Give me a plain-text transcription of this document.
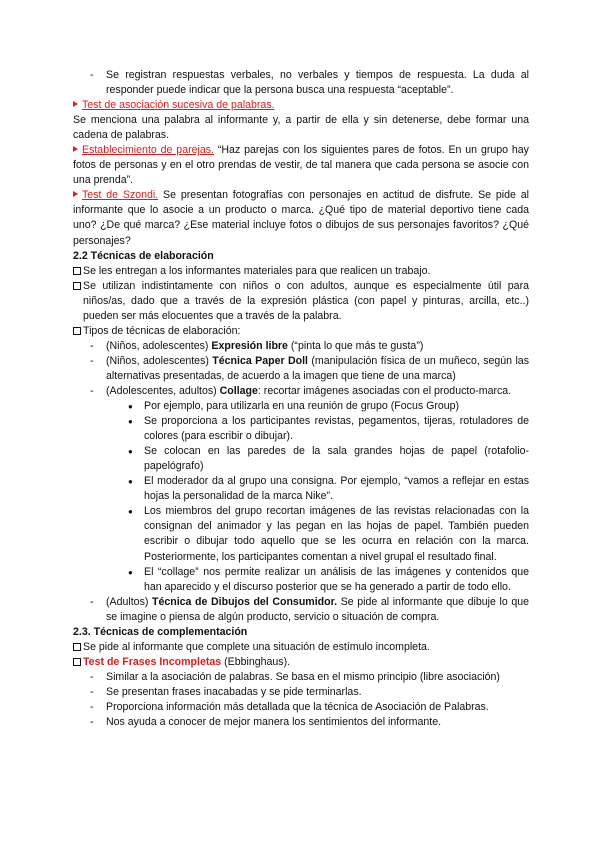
- Se registran respuestas verbales, no verbales y tiempos de respuesta. La duda al responder puede indicar que la persona busca una respuesta “aceptable”.

Test de asociación sucesiva de palabras.

Se menciona una palabra al informante y, a partir de ella y sin detenerse, debe formar una cadena de palabras.

Establecimiento de parejas. “Haz parejas con los siguientes pares de fotos. En un grupo hay fotos de personas y en el otro prendas de vestir, de tal manera que cada persona se asocie con una prenda”.

Test de Szondi. Se presentan fotografías con personajes en actitud de disfrute. Se pide al informante que lo asocie a un producto o marca. ¿Qué tipo de material deportivo tiene cada uno? ¿De qué marca? ¿Ese material incluye fotos o dibujos de sus personajes favoritos? ¿Qué personajes?

2.2 Técnicas de elaboración

Se les entregan a los informantes materiales para que realicen un trabajo.

Se utilizan indistintamente con niños o con adultos, aunque es especialmente útil para niños/as, dado que a través de la expresión plástica (con papel y pinturas, arcilla, etc..) pueden ser más elocuentes que a través de la palabra.

Tipos de técnicas de elaboración:

- (Niños, adolescentes) Expresión libre (“pinta lo que más te gusta”)

- (Niños, adolescentes) Técnica Paper Doll (manipulación física de un muñeco, según las alternativas presentadas, de acuerdo a la imagen que tiene de una marca)

- (Adolescentes, adultos) Collage: recortar imágenes asociadas con el producto-marca.

● Por ejemplo, para utilizarla en una reunión de grupo (Focus Group)

● Se proporciona a los participantes revistas, pegamentos, tijeras, rotuladores de colores (para escribir o dibujar).

● Se colocan en las paredes de la sala grandes hojas de papel (rotafolio-papelógrafo)

● El moderador da al grupo una consigna. Por ejemplo, “vamos a reflejar en estas hojas la personalidad de la marca Nike”.

● Los miembros del grupo recortan imágenes de las revistas relacionadas con la consignan del animador y las pegan en las hojas de papel. También pueden escribir o dibujar todo aquello que se les ocurra en relación con la marca. Posteriormente, los participantes comentan a nivel grupal el resultado final.

● El “collage” nos permite realizar un análisis de las imágenes y contenidos que han aparecido y el discurso posterior que se ha generado a partir de todo ello.

- (Adultos) Técnica de Dibujos del Consumidor. Se pide al informante que dibuje lo que se imagine o piensa de algún producto, servicio o situación de compra.

2.3. Técnicas de complementación

Se pide al informante que complete una situación de estímulo incompleta.

Test de Frases Incompletas (Ebbinghaus).

- Similar a la asociación de palabras. Se basa en el mismo principio (libre asociación)

- Se presentan frases inacabadas y se pide terminarlas.

- Proporciona información más detallada que la técnica de Asociación de Palabras.

- Nos ayuda a conocer de mejor manera los sentimientos del informante.
